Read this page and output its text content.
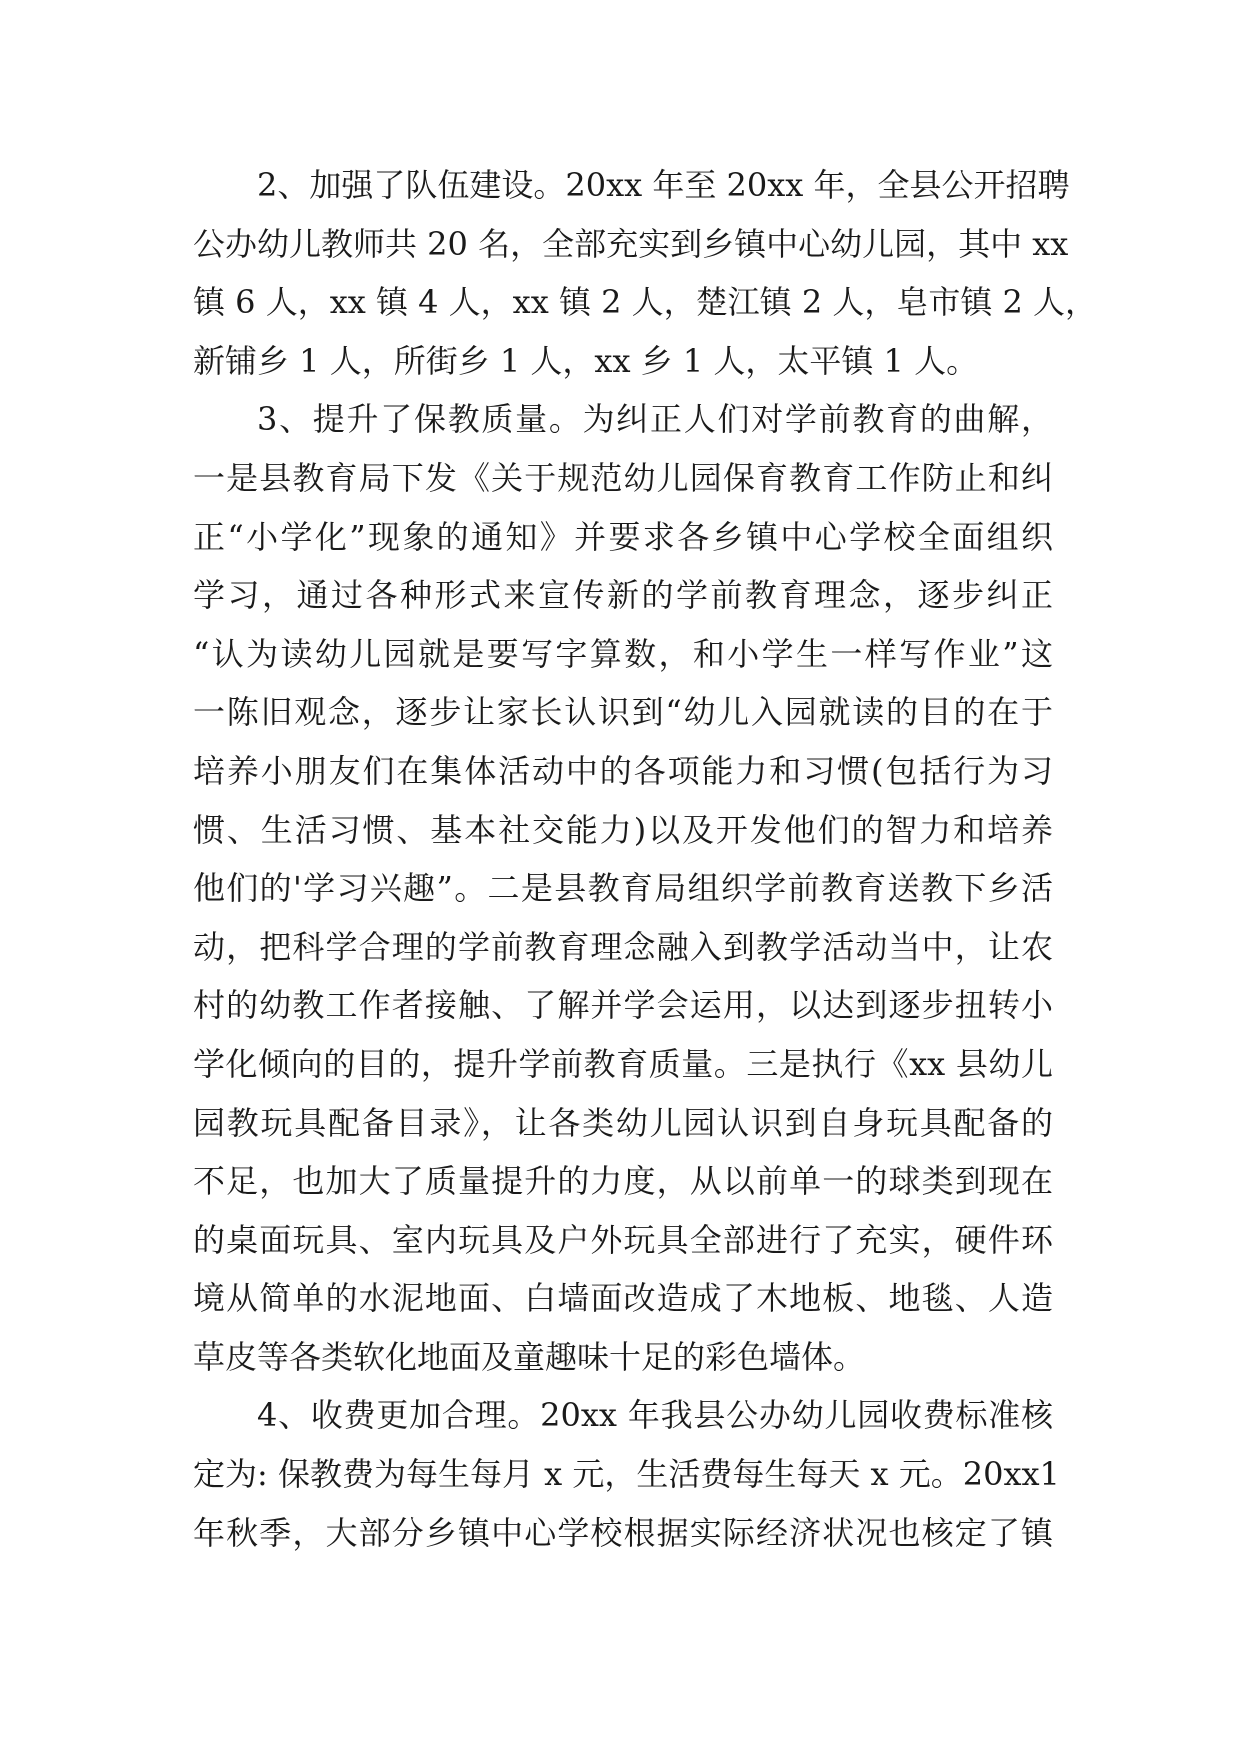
2、加强了队伍建设。20xx 年至 20xx 年，全县公开招聘
公办幼儿教师共 20 名，全部充实到乡镇中心幼儿园，其中 xx
镇 6 人，xx 镇 4 人，xx 镇 2 人，楚江镇 2 人，皂市镇 2 人，
新铺乡 1 人，所街乡 1 人，xx 乡 1 人，太平镇 1 人。
3、提升了保教质量。为纠正人们对学前教育的曲解，
一是县教育局下发《关于规范幼儿园保育教育工作防止和纠
正“小学化”现象的通知》并要求各乡镇中心学校全面组织
学习，通过各种形式来宣传新的学前教育理念，逐步纠正
“认为读幼儿园就是要写字算数，和小学生一样写作业”这
一陈旧观念，逐步让家长认识到“幼儿入园就读的目的在于
培养小朋友们在集体活动中的各项能力和习惯(包括行为习
惯、生活习惯、基本社交能力)以及开发他们的智力和培养
他们的'学习兴趣”。二是县教育局组织学前教育送教下乡活
动，把科学合理的学前教育理念融入到教学活动当中，让农
村的幼教工作者接触、了解并学会运用，以达到逐步扭转小
学化倾向的目的，提升学前教育质量。三是执行《xx 县幼儿
园教玩具配备目录》，让各类幼儿园认识到自身玩具配备的
不足，也加大了质量提升的力度，从以前单一的球类到现在
的桌面玩具、室内玩具及户外玩具全部进行了充实，硬件环
境从简单的水泥地面、白墙面改造成了木地板、地毯、人造
草皮等各类软化地面及童趣味十足的彩色墙体。
4、收费更加合理。20xx 年我县公办幼儿园收费标准核
定为: 保教费为每生每月 x 元，生活费每生每天 x 元。20xx1
年秋季，大部分乡镇中心学校根据实际经济状况也核定了镇
